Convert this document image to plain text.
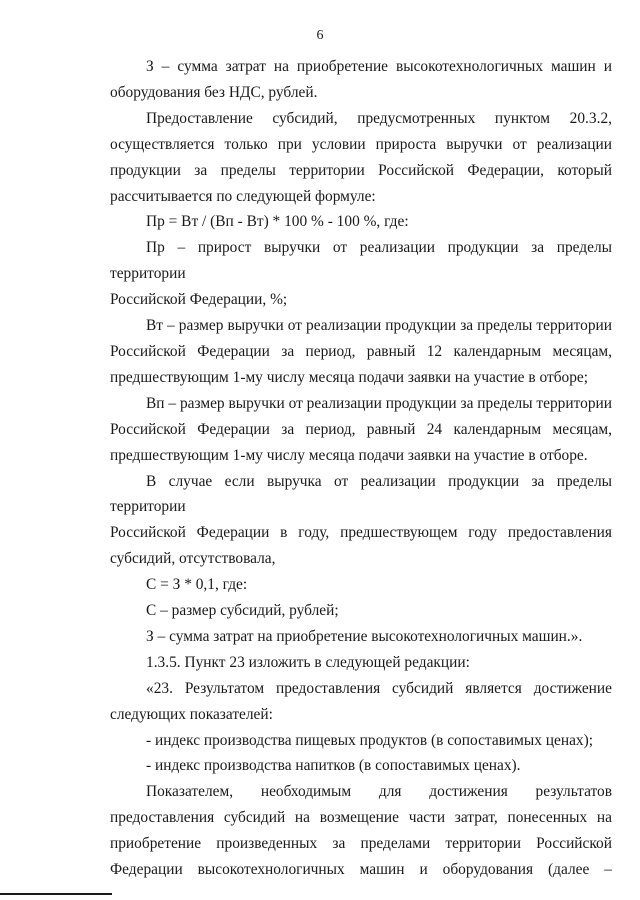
6
З – сумма затрат на приобретение высокотехнологичных машин и
оборудования без НДС, рублей.
Предоставление субсидий, предусмотренных пунктом 20.3.2,
осуществляется только при условии прироста выручки от реализации
продукции за пределы территории Российской Федерации, который
рассчитывается по следующей формуле:
Пр = Вт / (Вп - Вт) * 100 % - 100 %, где:
Пр – прирост выручки от реализации продукции за пределы территории
Российской Федерации, %;
Вт – размер выручки от реализации продукции за пределы территории
Российской Федерации за период, равный 12 календарным месяцам,
предшествующим 1-му числу месяца подачи заявки на участие в отборе;
Вп – размер выручки от реализации продукции за пределы территории
Российской Федерации за период, равный 24 календарным месяцам,
предшествующим 1-му числу месяца подачи заявки на участие в отборе.
В случае если выручка от реализации продукции за пределы территории
Российской Федерации в году, предшествующем году предоставления
субсидий, отсутствовала,
С = З * 0,1, где:
С – размер субсидий, рублей;
З – сумма затрат на приобретение высокотехнологичных машин.».
1.3.5. Пункт 23 изложить в следующей редакции:
«23. Результатом предоставления субсидий является достижение
следующих показателей:
- индекс производства пищевых продуктов (в сопоставимых ценах);
- индекс производства напитков (в сопоставимых ценах).
Показателем, необходимым для достижения результатов
предоставления субсидий на возмещение части затрат, понесенных на
приобретение произведенных за пределами территории Российской
Федерации высокотехнологичных машин и оборудования (далее –
